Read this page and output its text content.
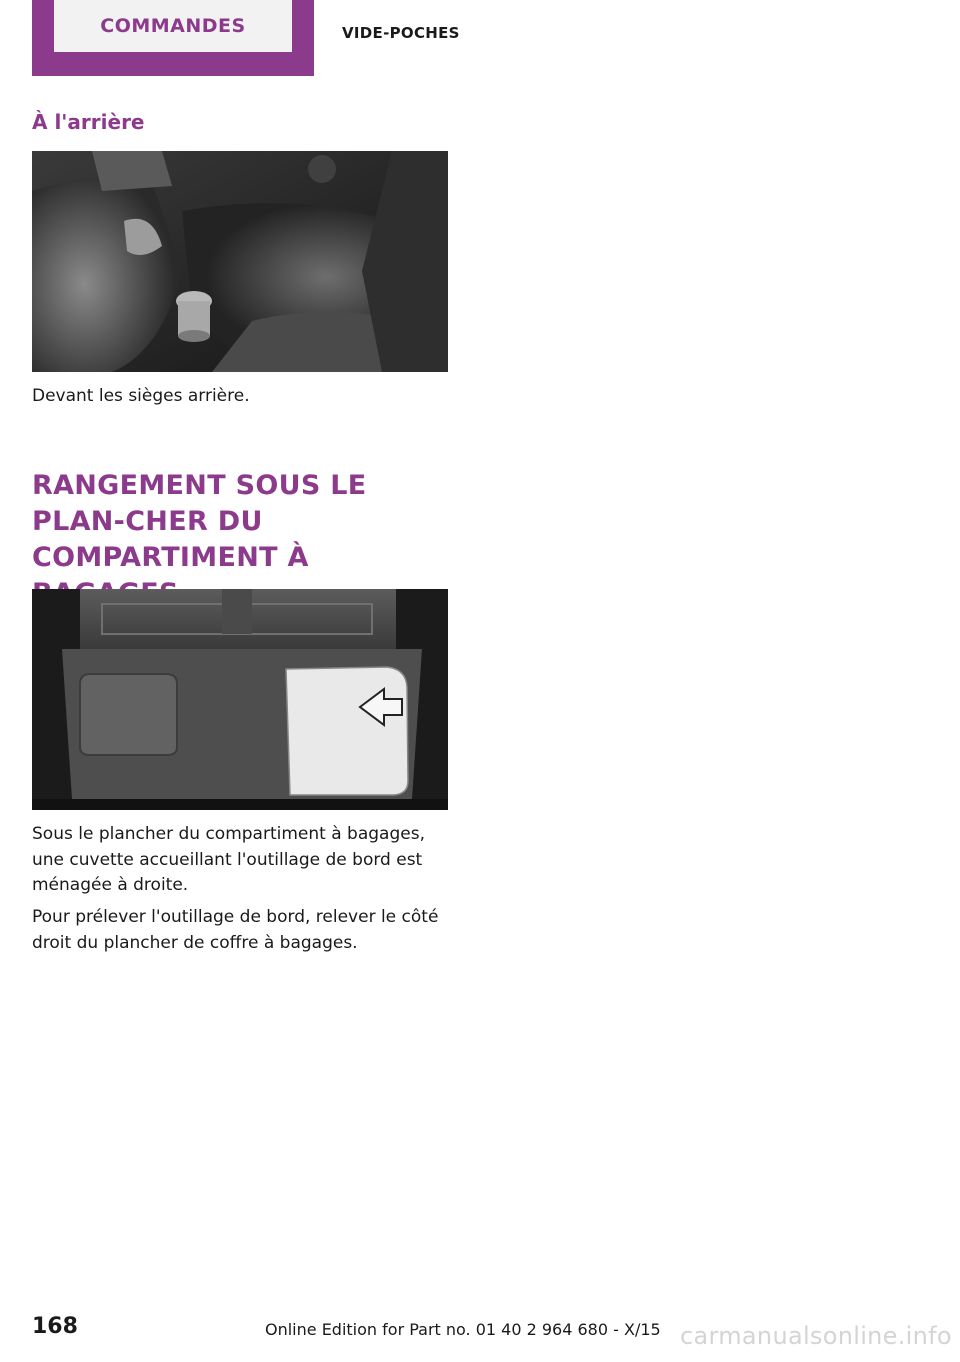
COMMANDES	VIDE-POCHES
À l'arrière
Devant les sièges arrière.
RANGEMENT SOUS LE PLAN‐CHER DU COMPARTIMENT À

Sous le plancher du compartiment à bagages, une cuvette accueillant l'outillage de bord est ménagée à droite.

Pour prélever l'outillage de bord, relever le côté droit du plancher de coffre à bagages.

168	Online Edition for Part no. 01 40 2 964 680 - X/15 carmanualsonline.info
